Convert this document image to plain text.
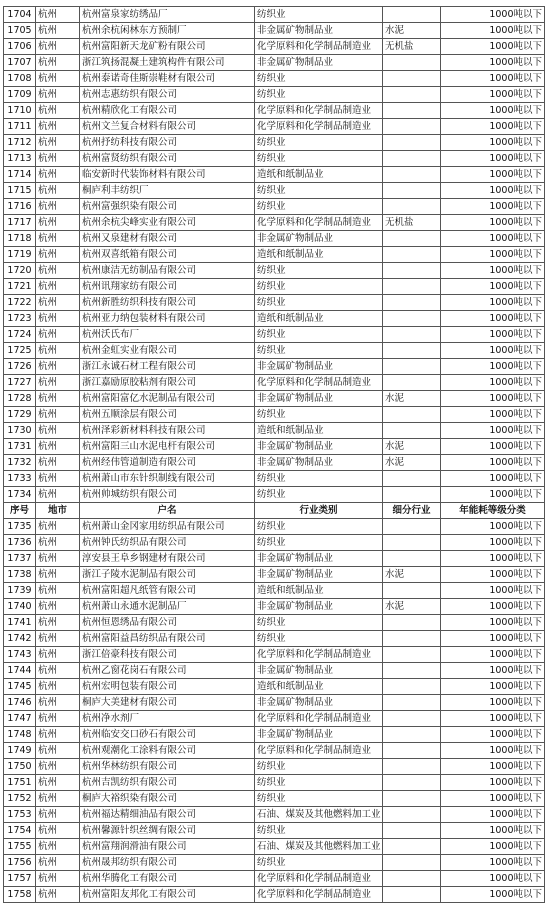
1704	杭州	杭州富泉家纺绣品厂	纺织业		1000吨以下
1705	杭州	杭州余杭闲林东方预制厂	非金属矿物制品业	水泥	1000吨以下
1706	杭州	杭州富阳新天龙矿粉有限公司	化学原料和化学制品制造业	无机盐	1000吨以下
1707	杭州	浙江筑扬混凝土建筑构件有限公司	非金属矿物制品业		1000吨以下
1708	杭州	杭州泰诺奇佳斯崇鞋材有限公司	纺织业		1000吨以下
1709	杭州	杭州志惠纺织有限公司	纺织业		1000吨以下
1710	杭州	杭州精欣化工有限公司	化学原料和化学制品制造业		1000吨以下
1711	杭州	杭州文兰复合材料有限公司	化学原料和化学制品制造业		1000吨以下
1712	杭州	杭州抒纺科技有限公司	纺织业		1000吨以下
1713	杭州	杭州富贤纺织有限公司	纺织业		1000吨以下
1714	杭州	临安新时代装饰材料有限公司	造纸和纸制品业		1000吨以下
1715	杭州	桐庐利丰纺织厂	纺织业		1000吨以下
1716	杭州	杭州富强织染有限公司	纺织业		1000吨以下
1717	杭州	杭州余杭尖峰实业有限公司	化学原料和化学制品制造业	无机盐	1000吨以下
1718	杭州	杭州又泉建材有限公司	非金属矿物制品业		1000吨以下
1719	杭州	杭州双喜纸箱有限公司	造纸和纸制品业		1000吨以下
1720	杭州	杭州康洁无纺制品有限公司	纺织业		1000吨以下
1721	杭州	杭州讯翔家纺有限公司	纺织业		1000吨以下
1722	杭州	杭州新胜纺织科技有限公司	纺织业		1000吨以下
1723	杭州	杭州亚力纳包装材料有限公司	造纸和纸制品业		1000吨以下
1724	杭州	杭州沃氏布厂	纺织业		1000吨以下
1725	杭州	杭州金虹实业有限公司	纺织业		1000吨以下
1726	杭州	浙江永诚石材工程有限公司	非金属矿物制品业		1000吨以下
1727	杭州	浙江嘉励原胶粘剂有限公司	化学原料和化学制品制造业		1000吨以下
1728	杭州	杭州富阳富亿水泥制品有限公司	非金属矿物制品业	水泥	1000吨以下
1729	杭州	杭州五顺涂层有限公司	纺织业		1000吨以下
1730	杭州	杭州泽彩新材料科技有限公司	造纸和纸制品业		1000吨以下
1731	杭州	杭州富阳三山水泥电杆有限公司	非金属矿物制品业	水泥	1000吨以下
1732	杭州	杭州经伟管道制造有限公司	非金属矿物制品业	水泥	1000吨以下
1733	杭州	杭州萧山市东针织制线有限公司	纺织业		1000吨以下
1734	杭州	杭州帅城纺织有限公司	纺织业		1000吨以下
序号	地市	户名	行业类别	细分行业	年能耗等级分类
1735	杭州	杭州萧山金冈家用纺织品有限公司	纺织业		1000吨以下
1736	杭州	杭州钟氏纺织品有限公司	纺织业		1000吨以下
1737	杭州	淳安县王阜乡钢建材有限公司	非金属矿物制品业		1000吨以下
1738	杭州	浙江子陵水泥制品有限公司	非金属矿物制品业	水泥	1000吨以下
1739	杭州	杭州富阳超凡纸管有限公司	造纸和纸制品业		1000吨以下
1740	杭州	杭州萧山永通水泥制品厂	非金属矿物制品业	水泥	1000吨以下
1741	杭州	杭州恒恩绣品有限公司	纺织业		1000吨以下
1742	杭州	杭州富阳益昌纺织品有限公司	纺织业		1000吨以下
1743	杭州	浙江倍豪科技有限公司	化学原料和化学制品制造业		1000吨以下
1744	杭州	杭州乙窗花岗石有限公司	非金属矿物制品业		1000吨以下
1745	杭州	杭州宏明包装有限公司	造纸和纸制品业		1000吨以下
1746	杭州	桐庐大美建材有限公司	非金属矿物制品业		1000吨以下
1747	杭州	杭州净水剂厂	化学原料和化学制品制造业		1000吨以下
1748	杭州	杭州临安交口砂石有限公司	非金属矿物制品业		1000吨以下
1749	杭州	杭州观潮化工涂料有限公司	化学原料和化学制品制造业		1000吨以下
1750	杭州	杭州华林纺织有限公司	纺织业		1000吨以下
1751	杭州	杭州吉凯纺织有限公司	纺织业		1000吨以下
1752	杭州	桐庐大裕织染有限公司	纺织业		1000吨以下
1753	杭州	杭州福达精细油品有限公司	石油、煤炭及其他燃料加工业		1000吨以下
1754	杭州	杭州馨源针织丝绸有限公司	纺织业		1000吨以下
1755	杭州	杭州富翔润滑油有限公司	石油、煤炭及其他燃料加工业		1000吨以下
1756	杭州	杭州晟邦纺织有限公司	纺织业		1000吨以下
1757	杭州	杭州华腾化工有限公司	化学原料和化学制品制造业		1000吨以下
1758	杭州	杭州富阳友邦化工有限公司	化学原料和化学制品制造业		1000吨以下
